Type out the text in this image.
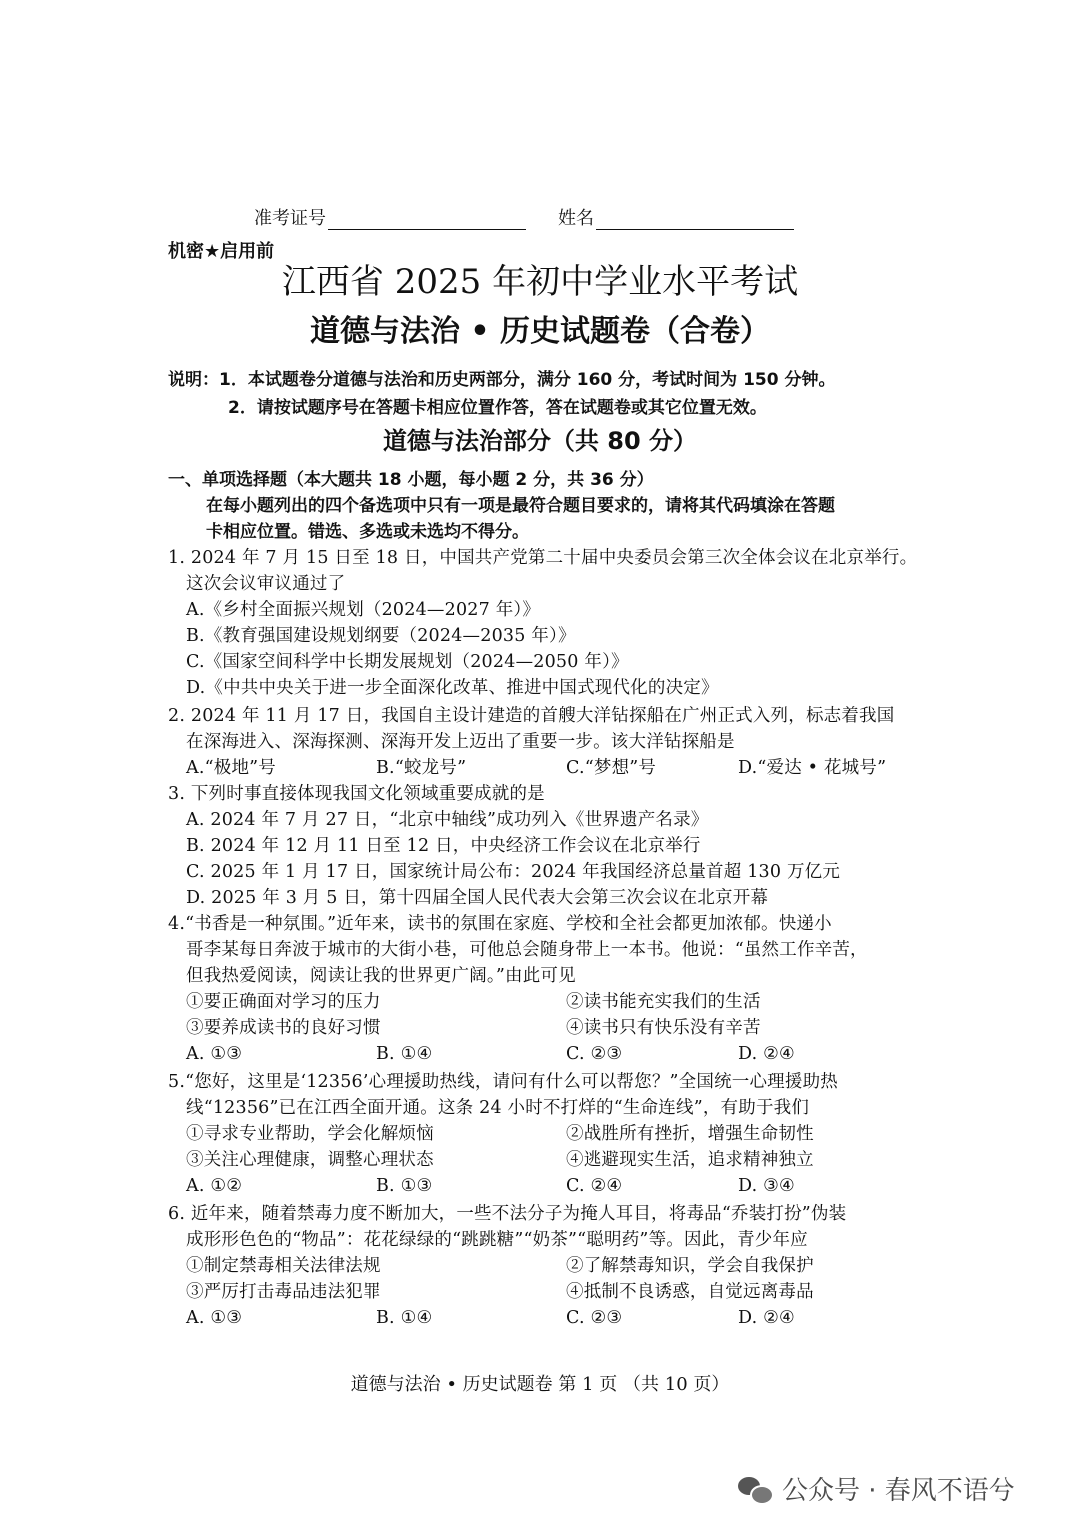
准考证号	姓名
机密★启用前
江西省 2025 年初中学业水平考试
道德与法治 • 历史试题卷（合卷）
说明：1．本试题卷分道德与法治和历史两部分，满分 160 分，考试时间为 150 分钟。
2．请按试题序号在答题卡相应位置作答，答在试题卷或其它位置无效。
道德与法治部分（共 80 分）
一、单项选择题（本大题共 18 小题，每小题 2 分，共 36 分）
在每小题列出的四个备选项中只有一项是最符合题目要求的，请将其代码填涂在答题
卡相应位置。错选、多选或未选均不得分。
1. 2024 年 7 月 15 日至 18 日，中国共产党第二十届中央委员会第三次全体会议在北京举行。
这次会议审议通过了
A.《乡村全面振兴规划（2024—2027 年）》
B.《教育强国建设规划纲要（2024—2035 年）》
C.《国家空间科学中长期发展规划（2024—2050 年）》
D.《中共中央关于进一步全面深化改革、推进中国式现代化的决定》
2. 2024 年 11 月 17 日，我国自主设计建造的首艘大洋钻探船在广州正式入列，标志着我国
在深海进入、深海探测、深海开发上迈出了重要一步。该大洋钻探船是
A.“极地”号	B.“蛟龙号”	C.“梦想”号	D.“爱达 • 花城号”
3. 下列时事直接体现我国文化领域重要成就的是
A. 2024 年 7 月 27 日，“北京中轴线”成功列入《世界遗产名录》
B. 2024 年 12 月 11 日至 12 日，中央经济工作会议在北京举行
C. 2025 年 1 月 17 日，国家统计局公布：2024 年我国经济总量首超 130 万亿元
D. 2025 年 3 月 5 日，第十四届全国人民代表大会第三次会议在北京开幕
4.“书香是一种氛围。”近年来，读书的氛围在家庭、学校和全社会都更加浓郁。快递小
哥李某每日奔波于城市的大街小巷，可他总会随身带上一本书。他说：“虽然工作辛苦，
但我热爱阅读，阅读让我的世界更广阔。”由此可见
①要正确面对学习的压力	②读书能充实我们的生活
③要养成读书的良好习惯	④读书只有快乐没有辛苦
A. ①③	B. ①④	C. ②③	D. ②④
5.“您好，这里是‘12356’心理援助热线，请问有什么可以帮您？”全国统一心理援助热
线“12356”已在江西全面开通。这条 24 小时不打烊的“生命连线”，有助于我们
①寻求专业帮助，学会化解烦恼	②战胜所有挫折，增强生命韧性
③关注心理健康，调整心理状态	④逃避现实生活，追求精神独立
A. ①②	B. ①③	C. ②④	D. ③④
6. 近年来，随着禁毒力度不断加大，一些不法分子为掩人耳目，将毒品“乔装打扮”伪装
成形形色色的“物品”：花花绿绿的“跳跳糖”“奶茶”“聪明药”等。因此，青少年应
①制定禁毒相关法律法规	②了解禁毒知识，学会自我保护
③严厉打击毒品违法犯罪	④抵制不良诱惑，自觉远离毒品
A. ①③	B. ①④	C. ②③	D. ②④
道德与法治 • 历史试题卷 第 1 页 （共 10 页）
公众号 · 春风不语兮
